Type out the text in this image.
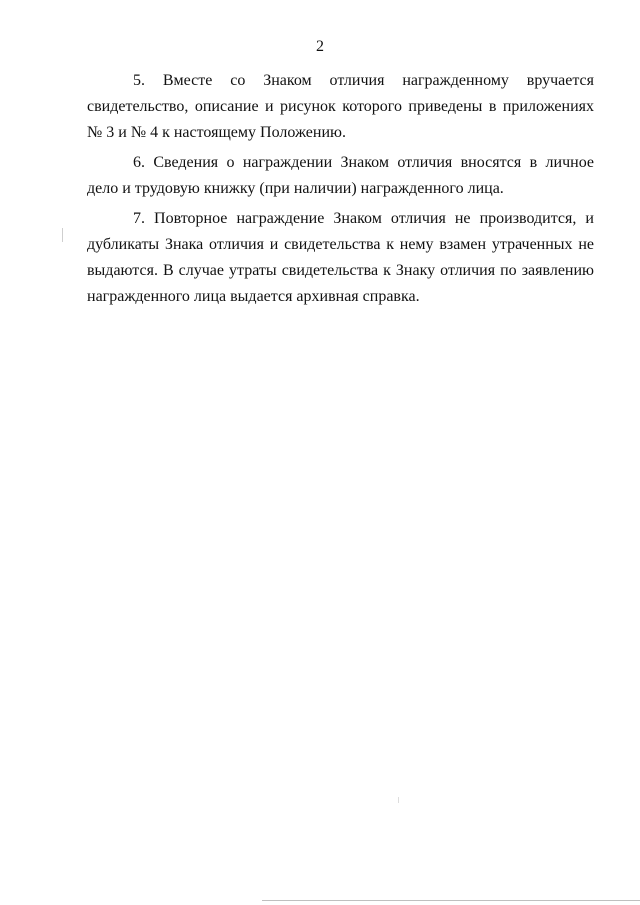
2

5. Вместе со Знаком отличия награжденному вручается свидетельство, описание и рисунок которого приведены в приложениях № 3 и № 4 к настоящему Положению.

6. Сведения о награждении Знаком отличия вносятся в личное дело и трудовую книжку (при наличии) награжденного лица.

7. Повторное награждение Знаком отличия не производится, и дубликаты Знака отличия и свидетельства к нему взамен утраченных не выдаются. В случае утраты свидетельства к Знаку отличия по заявлению награжденного лица выдается архивная справка.
